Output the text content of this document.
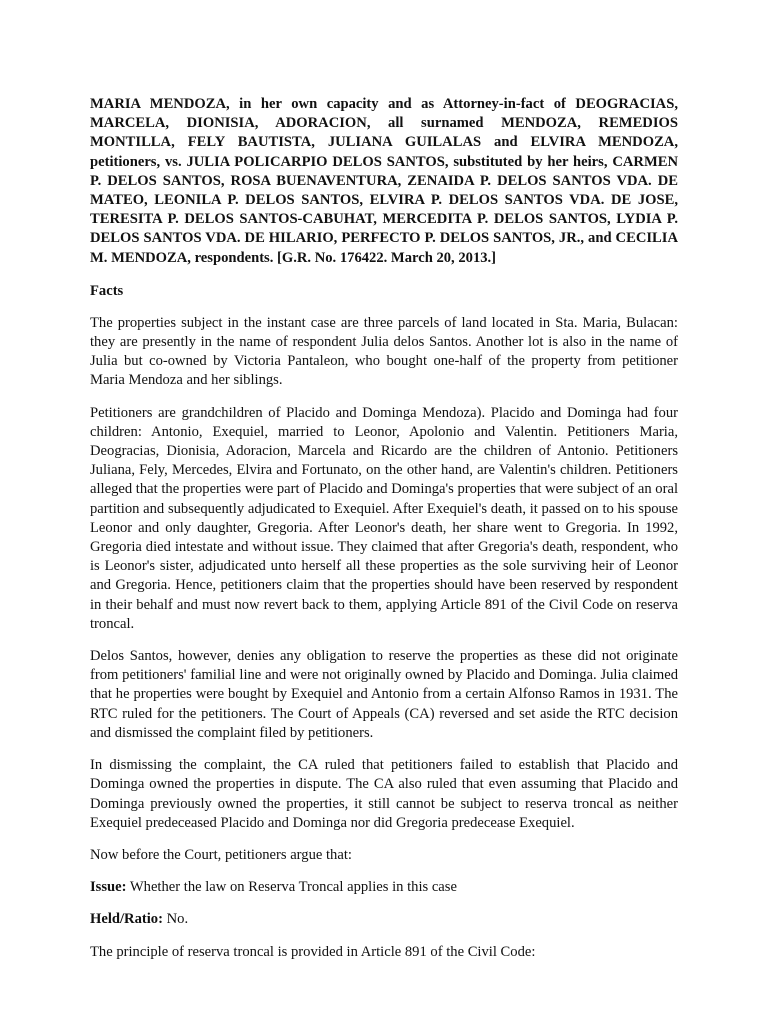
MARIA MENDOZA, in her own capacity and as Attorney-in-fact of DEOGRACIAS, MARCELA, DIONISIA, ADORACION, all surnamed MENDOZA, REMEDIOS MONTILLA, FELY BAUTISTA, JULIANA GUILALAS and ELVIRA MENDOZA, petitioners, vs. JULIA POLICARPIO DELOS SANTOS, substituted by her heirs, CARMEN P. DELOS SANTOS, ROSA BUENAVENTURA, ZENAIDA P. DELOS SANTOS VDA. DE MATEO, LEONILA P. DELOS SANTOS, ELVIRA P. DELOS SANTOS VDA. DE JOSE, TERESITA P. DELOS SANTOS-CABUHAT, MERCEDITA P. DELOS SANTOS, LYDIA P. DELOS SANTOS VDA. DE HILARIO, PERFECTO P. DELOS SANTOS, JR., and CECILIA M. MENDOZA, respondents. [G.R. No. 176422. March 20, 2013.]

Facts

The properties subject in the instant case are three parcels of land located in Sta. Maria, Bulacan: they are presently in the name of respondent Julia delos Santos. Another lot is also in the name of Julia but co-owned by Victoria Pantaleon, who bought one-half of the property from petitioner Maria Mendoza and her siblings.

Petitioners are grandchildren of Placido and Dominga Mendoza). Placido and Dominga had four children: Antonio, Exequiel, married to Leonor, Apolonio and Valentin. Petitioners Maria, Deogracias, Dionisia, Adoracion, Marcela and Ricardo are the children of Antonio. Petitioners Juliana, Fely, Mercedes, Elvira and Fortunato, on the other hand, are Valentin's children. Petitioners alleged that the properties were part of Placido and Dominga's properties that were subject of an oral partition and subsequently adjudicated to Exequiel. After Exequiel's death, it passed on to his spouse Leonor and only daughter, Gregoria. After Leonor's death, her share went to Gregoria. In 1992, Gregoria died intestate and without issue. They claimed that after Gregoria's death, respondent, who is Leonor's sister, adjudicated unto herself all these properties as the sole surviving heir of Leonor and Gregoria. Hence, petitioners claim that the properties should have been reserved by respondent in their behalf and must now revert back to them, applying Article 891 of the Civil Code on reserva troncal.

Delos Santos, however, denies any obligation to reserve the properties as these did not originate from petitioners' familial line and were not originally owned by Placido and Dominga. Julia claimed that he properties were bought by Exequiel and Antonio from a certain Alfonso Ramos in 1931. The RTC ruled for the petitioners. The Court of Appeals (CA) reversed and set aside the RTC decision and dismissed the complaint filed by petitioners.

In dismissing the complaint, the CA ruled that petitioners failed to establish that Placido and Dominga owned the properties in dispute. The CA also ruled that even assuming that Placido and Dominga previously owned the properties, it still cannot be subject to reserva troncal as neither Exequiel predeceased Placido and Dominga nor did Gregoria predecease Exequiel.

Now before the Court, petitioners argue that:

Issue: Whether the law on Reserva Troncal applies in this case

Held/Ratio: No.

The principle of reserva troncal is provided in Article 891 of the Civil Code:
